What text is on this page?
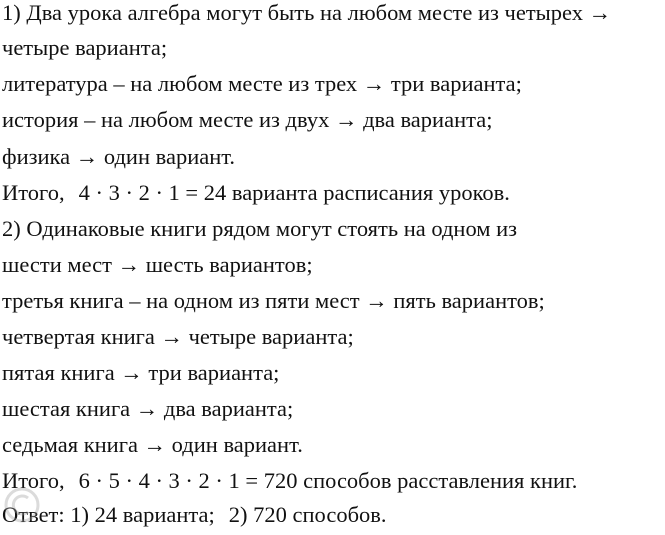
1) Два урока алгебра могут быть на любом месте из четырех →
четыре варианта;
литература – на любом месте из трех → три варианта;
история – на любом месте из двух → два варианта;
физика → один вариант.
Итого, 4 · 3 · 2 · 1 = 24 варианта расписания уроков.
2) Одинаковые книги рядом могут стоять на одном из
шести мест → шесть вариантов;
третья книга – на одном из пяти мест → пять вариантов;
четвертая книга → четыре варианта;
пятая книга → три варианта;
шестая книга → два варианта;
седьмая книга → один вариант.
Итого, 6 · 5 · 4 · 3 · 2 · 1 = 720 способов расставления книг.
Ответ: 1) 24 варианта; 2) 720 способов.
